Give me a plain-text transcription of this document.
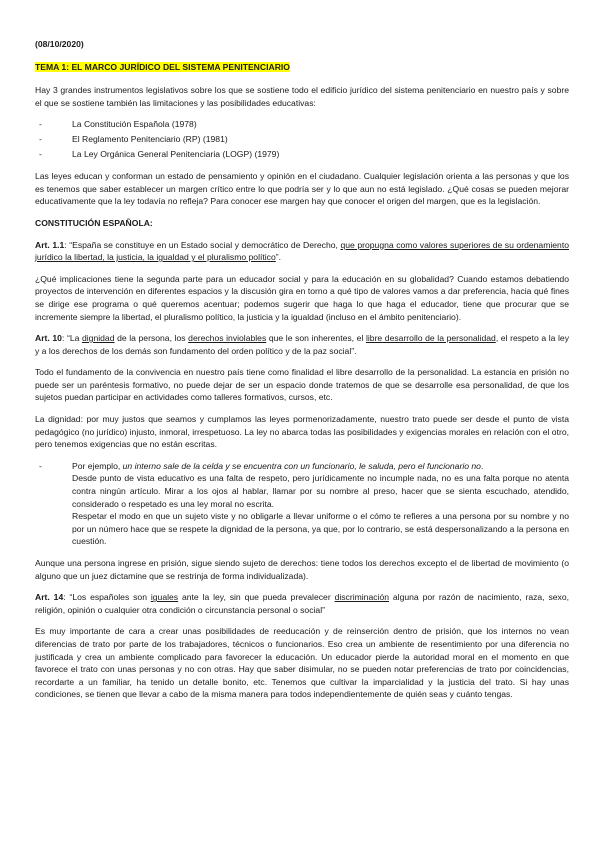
(08/10/2020)

TEMA 1: EL MARCO JURÍDICO DEL SISTEMA PENITENCIARIO

Hay 3 grandes instrumentos legislativos sobre los que se sostiene todo el edificio jurídico del sistema penitenciario en nuestro país y sobre el que se sostiene también las limitaciones y las posibilidades educativas:

- La Constitución Española (1978)
- El Reglamento Penitenciario (RP) (1981)
- La Ley Orgánica General Penitenciaria (LOGP) (1979)

Las leyes educan y conforman un estado de pensamiento y opinión en el ciudadano. Cualquier legislación orienta a las personas y que los es tenemos que saber establecer un margen crítico entre lo que podría ser y lo que aun no está legislado. ¿Qué cosas se pueden mejorar educativamente que la ley todavía no refleja? Para conocer ese margen hay que conocer el origen del margen, que es la legislación.

CONSTITUCIÓN ESPAÑOLA:

Art. 1.1: “España se constituye en un Estado social y democrático de Derecho, que propugna como valores superiores de su ordenamiento jurídico la libertad, la justicia, la igualdad y el pluralismo político”.

¿Qué implicaciones tiene la segunda parte para un educador social y para la educación en su globalidad? Cuando estamos debatiendo proyectos de intervención en diferentes espacios y la discusión gira en torno a qué tipo de valores vamos a dar preferencia, hacia qué fines se dirige ese programa o qué queremos acentuar; podemos sugerir que haga lo que haga el educador, tiene que procurar que se incremente siempre la libertad, el pluralismo político, la justicia y la igualdad (incluso en el ámbito penitenciario).

Art. 10: “La dignidad de la persona, los derechos inviolables que le son inherentes, el libre desarrollo de la personalidad, el respeto a la ley y a los derechos de los demás son fundamento del orden político y de la paz social”.

Todo el fundamento de la convivencia en nuestro país tiene como finalidad el libre desarrollo de la personalidad. La estancia en prisión no puede ser un paréntesis formativo, no puede dejar de ser un espacio donde tratemos de que se desarrolle esa personalidad, de que los sujetos puedan participar en actividades como talleres formativos, cursos, etc.

La dignidad: por muy justos que seamos y cumplamos las leyes pormenorizadamente, nuestro trato puede ser desde el punto de vista pedagógico (no jurídico) injusto, inmoral, irrespetuoso. La ley no abarca todas las posibilidades y exigencias morales en relación con el otro, pero tenemos exigencias que no están escritas.

-	Por ejemplo, un interno sale de la celda y se encuentra con un funcionario, le saluda, pero el funcionario no.
Desde punto de vista educativo es una falta de respeto, pero jurídicamente no incumple nada, no es una falta porque no atenta contra ningún artículo. Mirar a los ojos al hablar, llamar por su nombre al preso, hacer que se sienta escuchado, atendido, considerado o respetado es una ley moral no escrita.
Respetar el modo en que un sujeto viste y no obligarle a llevar uniforme o el cómo te refieres a una persona por su nombre y no por un número hace que se respete la dignidad de la persona, ya que, por lo contrario, se está despersonalizando a la persona en cuestión.

Aunque una persona ingrese en prisión, sigue siendo sujeto de derechos: tiene todos los derechos excepto el de libertad de movimiento (o alguno que un juez dictamine que se restrinja de forma individualizada).

Art. 14: “Los españoles son iguales ante la ley, sin que pueda prevalecer discriminación alguna por razón de nacimiento, raza, sexo, religión, opinión o cualquier otra condición o circunstancia personal o social”

Es muy importante de cara a crear unas posibilidades de reeducación y de reinserción dentro de prisión, que los internos no vean diferencias de trato por parte de los trabajadores, técnicos o funcionarios. Eso crea un ambiente de resentimiento por una diferencia no justificada y crea un ambiente complicado para favorecer la educación. Un educador pierde la autoridad moral en el momento en que favorece el trato con unas personas y no con otras. Hay que saber disimular, no se pueden notar preferencias de trato por coincidencias, recordarte a un familiar, ha tenido un detalle bonito, etc. Tenemos que cultivar la imparcialidad y la justicia del trato. Si hay unas condiciones, se tienen que llevar a cabo de la misma manera para todos independientemente de quién seas y cuánto tengas.
